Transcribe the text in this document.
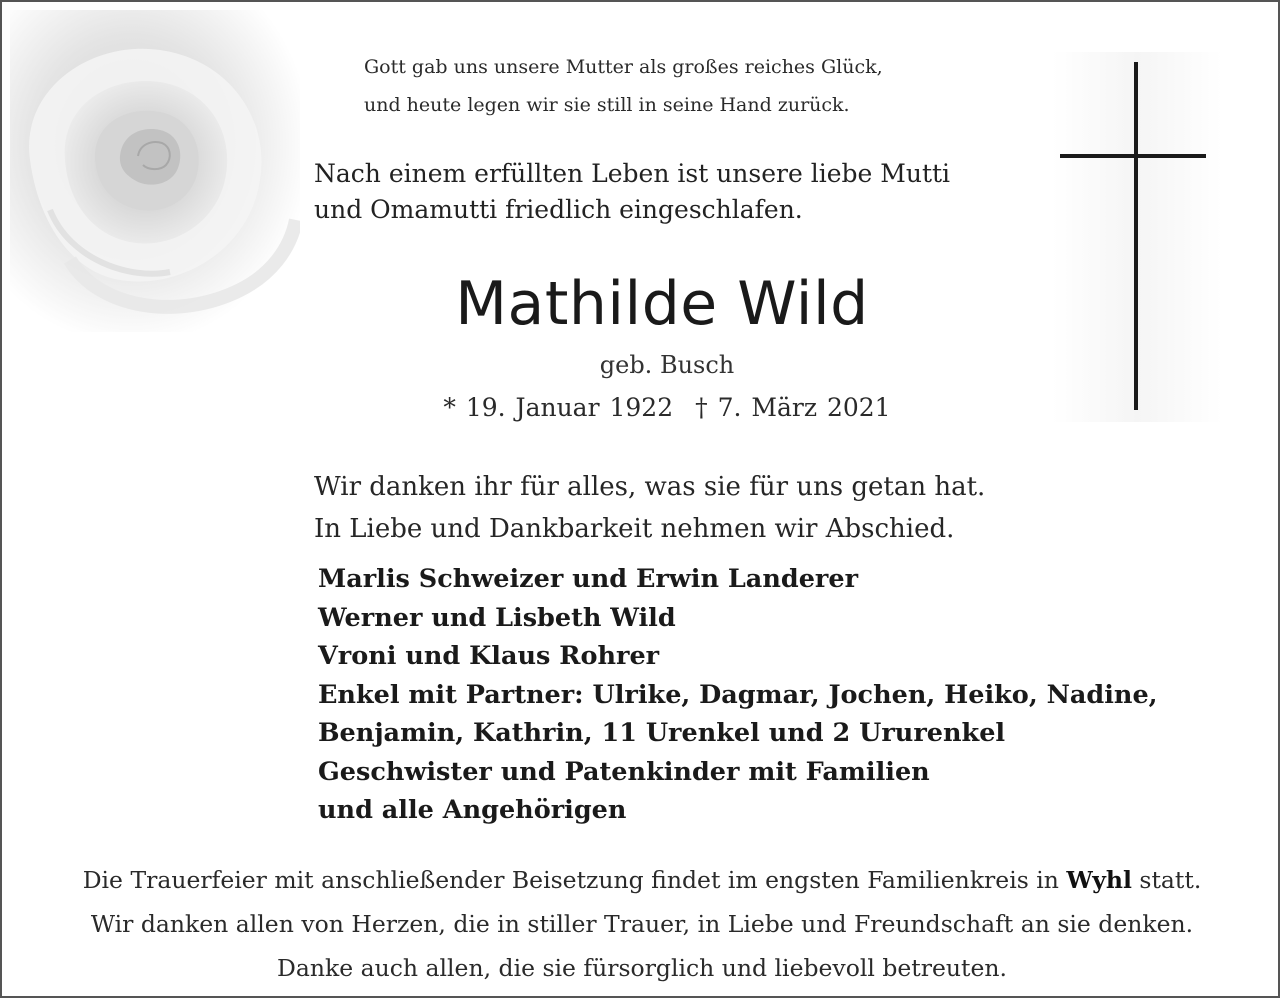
Gott gab uns unsere Mutter als großes reiches Glück,
und heute legen wir sie still in seine Hand zurück.

Nach einem erfüllten Leben ist unsere liebe Mutti
und Omamutti friedlich eingeschlafen.

Mathilde Wild
geb. Busch
* 19. Januar 1922 † 7. März 2021

Wir danken ihr für alles, was sie für uns getan hat.
In Liebe und Dankbarkeit nehmen wir Abschied.

Marlis Schweizer und Erwin Landerer
Werner und Lisbeth Wild
Vroni und Klaus Rohrer
Enkel mit Partner: Ulrike, Dagmar, Jochen, Heiko, Nadine,
Benjamin, Kathrin, 11 Urenkel und 2 Ururenkel
Geschwister und Patenkinder mit Familien
und alle Angehörigen

Die Trauerfeier mit anschließender Beisetzung findet im engsten Familienkreis in Wyhl statt.
Wir danken allen von Herzen, die in stiller Trauer, in Liebe und Freundschaft an sie denken.
Danke auch allen, die sie fürsorglich und liebevoll betreuten.
